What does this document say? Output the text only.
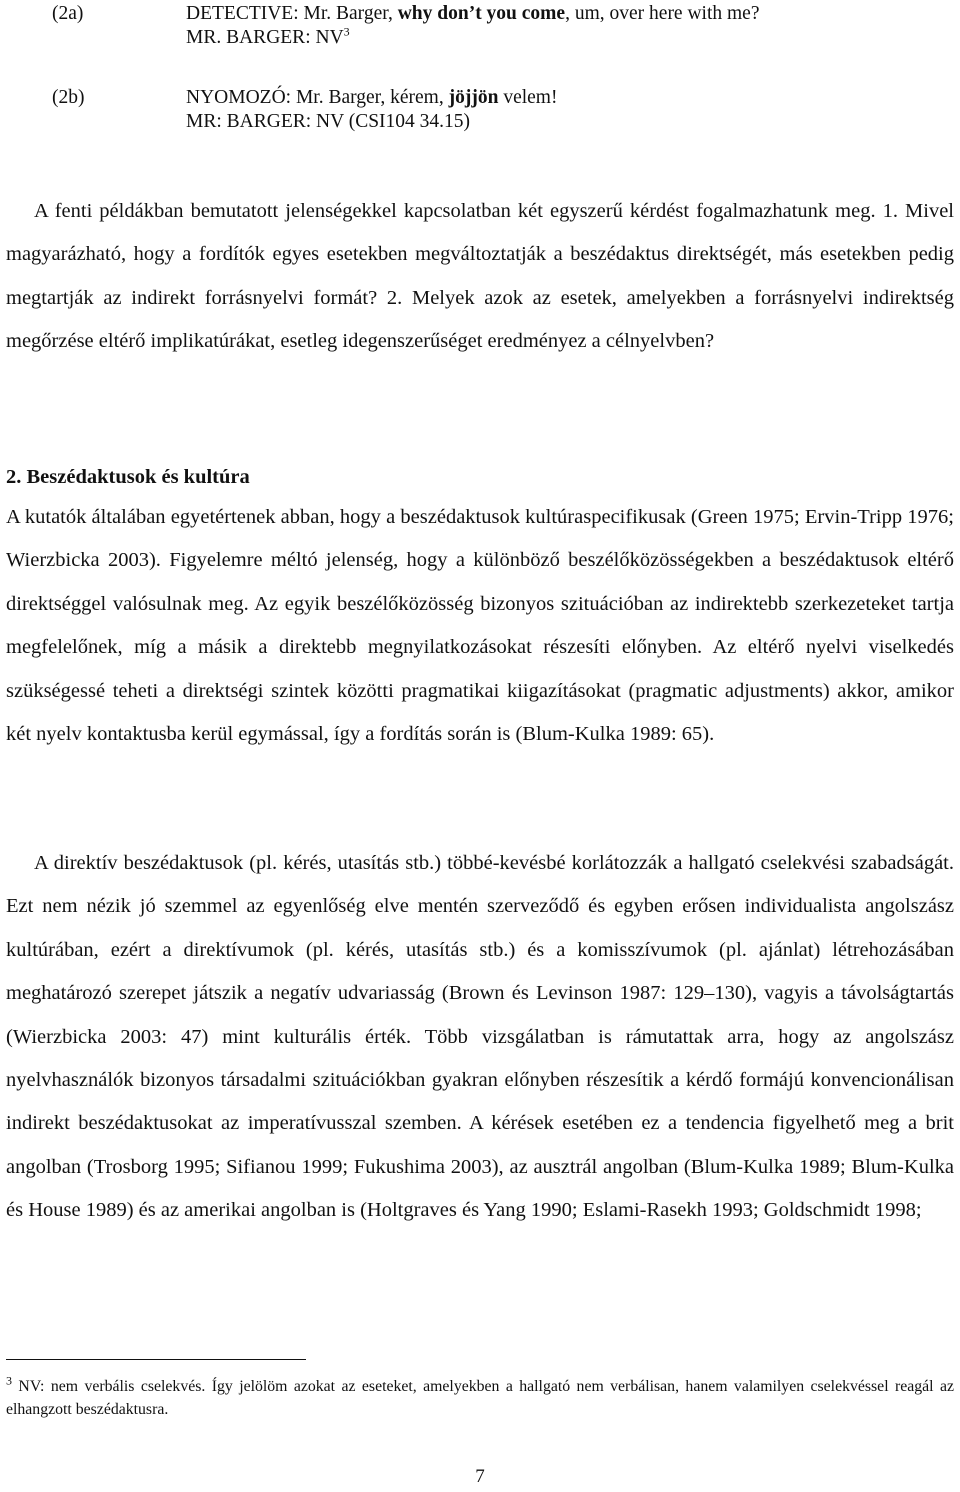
(2a)	DETECTIVE: Mr. Barger, why don’t you come, um, over here with me?
MR. BARGER: $NV^3$
(2b)	NYOMOZÓ: Mr. Barger, kérem, jöjjön velem!
MR: BARGER: NV (CSI104 34.15)

A fenti példákban bemutatott jelenségekkel kapcsolatban két egyszerű kérdést fogalmazhatunk meg. 1. Mivel magyarázható, hogy a fordítók egyes esetekben megváltoztatják a beszédaktus direktségét, más esetekben pedig megtartják az indirekt forrásnyelvi formát? 2. Melyek azok az esetek, amelyekben a forrásnyelvi indirektség megőrzése eltérő implikatúrákat, esetleg idegenszerűséget eredményez a célnyelvben?

2. Beszédaktusok és kultúra

A kutatók általában egyetértenek abban, hogy a beszédaktusok kultúraspecifikusak (Green 1975; Ervin-Tripp 1976; Wierzbicka 2003). Figyelemre méltó jelenség, hogy a különböző beszélőközösségekben a beszédaktusok eltérő direktséggel valósulnak meg. Az egyik beszélőközösség bizonyos szituációban az indirektebb szerkezeteket tartja megfelelőnek, míg a másik a direktebb megnyilatkozásokat részesíti előnyben. Az eltérő nyelvi viselkedés szükségessé teheti a direktségi szintek közötti pragmatikai kiigazításokat (pragmatic adjustments) akkor, amikor két nyelv kontaktusba kerül egymással, így a fordítás során is (Blum-Kulka 1989: 65).

A direktív beszédaktusok (pl. kérés, utasítás stb.) többé-kevésbé korlátozzák a hallgató cselekvési szabadságát. Ezt nem nézik jó szemmel az egyenlőség elve mentén szerveződő és egyben erősen individualista angolszász kultúrában, ezért a direktívumok (pl. kérés, utasítás stb.) és a komisszívumok (pl. ajánlat) létrehozásában meghatározó szerepet játszik a negatív udvariasság (Brown és Levinson 1987: 129–130), vagyis a távolságtartás (Wierzbicka 2003: 47) mint kulturális érték. Több vizsgálatban is rámutattak arra, hogy az angolszász nyelvhasználók bizonyos társadalmi szituációkban gyakran előnyben részesítik a kérdő formájú konvencionálisan indirekt beszédaktusokat az imperatívusszal szemben. A kérések esetében ez a tendencia figyelhető meg a brit angolban (Trosborg 1995; Sifianou 1999; Fukushima 2003), az ausztrál angolban (Blum-Kulka 1989; Blum-Kulka és House 1989) és az amerikai angolban is (Holtgraves és Yang 1990; Eslami-Rasekh 1993; Goldschmidt 1998;

$^3$ NV: nem verbális cselekvés. Így jelölöm azokat az eseteket, amelyekben a hallgató nem verbálisan, hanem valamilyen cselekvéssel reagál az elhangzott beszédaktusra.
7
